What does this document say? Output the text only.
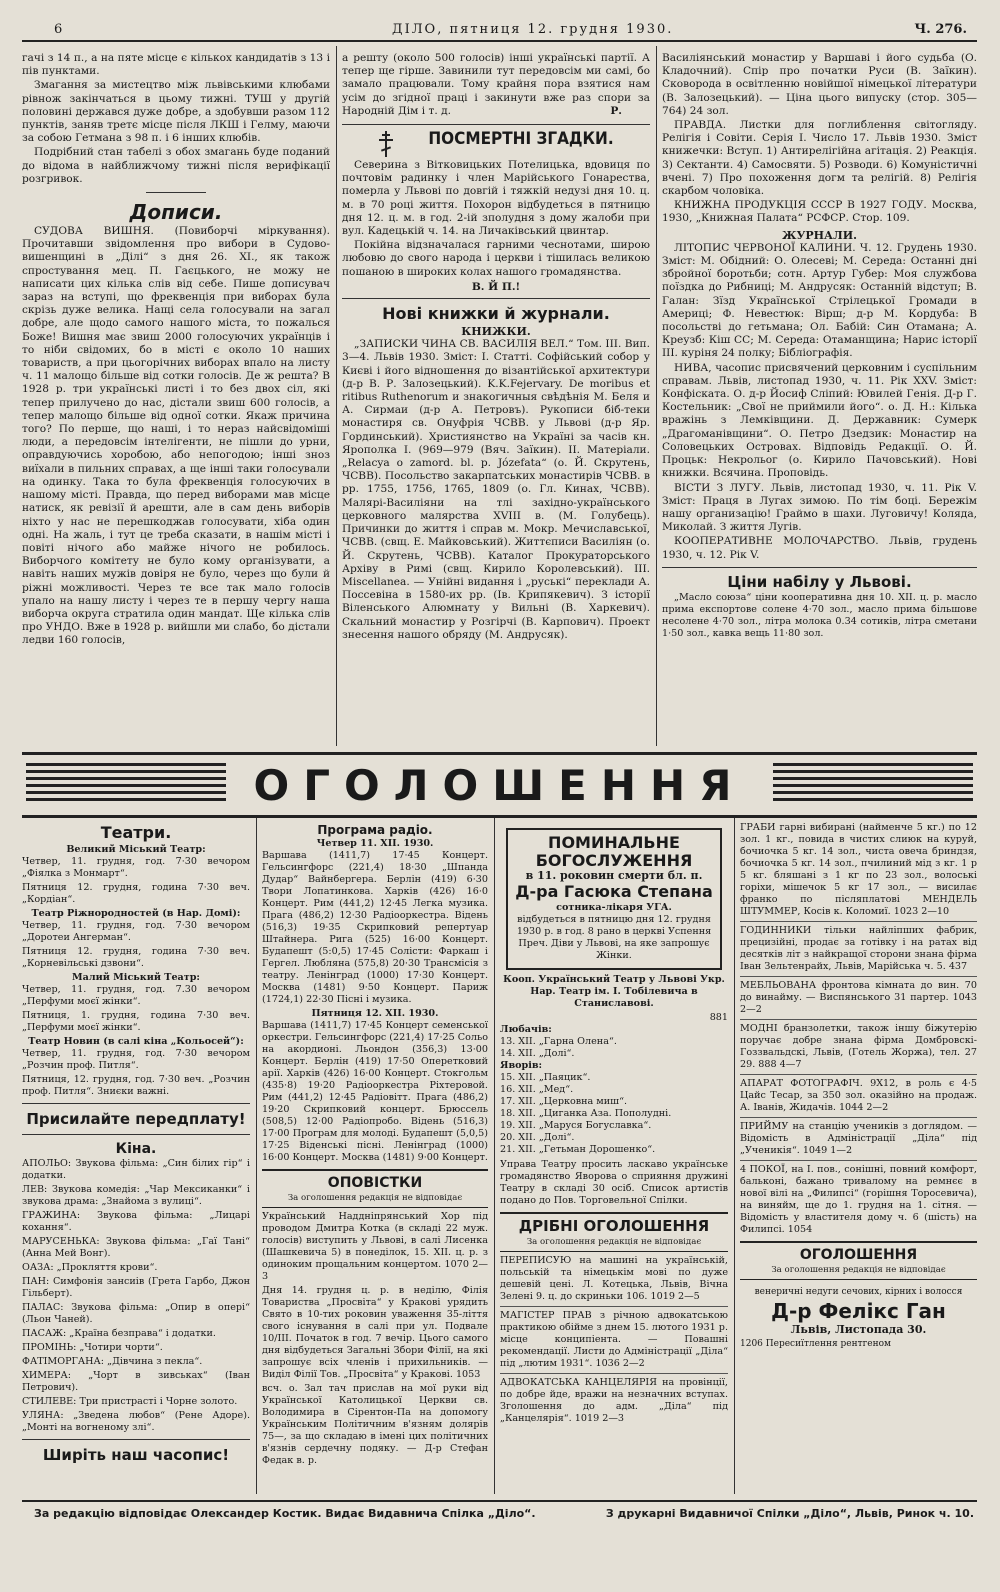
6	ДІЛО, пятниця 12. грудня 1930.	Ч. 276.

гачі з 14 п., а на пяте місце є кількох кандидатів з 13 і пів пунктами.

Змагання за мистецтво між львівськими клюбами рівнож закінчаться в цьому тижні. ТУШ у другій половині держався дуже добре, а здобувши разом 112 пунктів, заняв третє місце після ЛКШ і Гелму, маючи за собою Гетмана з 98 п. і 6 інших клюбів.

Подрібний стан табелі з обох змагань буде поданий до відома в найближчому тижні після верифікації розгривок.

Дописи.

СУДОВА ВИШНЯ. (Повиборчі міркування). Прочитавши звідомлення про вибори в Судово-вишенщині в „Ділі“ з дня 26. XI., як також спростування мец. П. Гаєцького, не можу не написати цих кілька слів від себе. Пише дописувач зараз на вступі, що фреквенція при виборах була скрізь дуже велика. Нащі села голосували на загал добре, але щодо самого нашого міста, то пожалься Боже! Вишня має звиш 2000 голосуючих українців і то ніби свідомих, бо в місті є около 10 наших товариств, а при цьогорічних виборах впало на листу ч. 11 малощо більше від сотки голосів. Де ж решта? В 1928 р. три українські листі і то без двох сіл, які тепер прилучено до нас, дістали звиш 600 голосів, а тепер малощо більше від одної сотки. Якаж причина того? По перше, що наші, і то нераз найсвідоміші люди, а передовсім інтелігенти, не пішли до урни, оправдуючись хоробою, або непогодою; інші зноз виїхали в пильних справах, а ще інші таки голосували на одинку. Така то була фреквенція голосуючих в нашому місті. Правда, що перед виборами мав місце натиск, як ревізії й арешти, але в сам день виборів ніхто у нас не перешкоджав голосувати, хіба один одні. На жаль, і тут це треба сказати, в нашім місті і повіті нічого або майже нічого не робилось. Виборчого комітету не було кому організувати, а навіть наших мужів довіря не було, через що були й ріжні можливості. Через те все так мало голосів упало на нашу листу і через те в першу чергу наша виборча округа стратила один мандат. Ще кілька слів про УНДО. Вже в 1928 р. вийшли ми слабо, бо дістали ледви 160 голосів,

а решту (около 500 голосів) інші українські партії. А тепер ще гірше. Завинили тут передовсім ми самі, бо замало працювали. Тому крайня пора взятися нам усім до згідної праці і закинути вже раз спори за Народній Дім і т. д.	Р.

ПОСМЕРТНІ ЗГАДКИ.

Северина з Вітковицьких Потелицька, вдовиця по почтовім радинку і член Марійського Гонарества, померла у Львові по довгій і тяжкій недузі дня 10. ц. м. в 70 році життя. Похорон відбудеться в пятницю дня 12. ц. м. в год. 2-ій зполудня з дому жалоби при вул. Кадецькій ч. 14. на Личаківський цвинтар.

Покійна відзначалася гарними чеснотами, широю любовю до свого народа і церкви і тішилась великою пошаною в широких колах нашого громадянства.

В. Й П.!
Нові книжки й журнали.
КНИЖКИ.

„ЗАПИСКИ ЧИНА СВ. ВАСИЛІЯ ВЕЛ.“ Том. III. Вип. 3—4. Львів 1930. Зміст: I. Статті. Софійський собор у Києві і його відношення до візантійської архитектури (д-р В. Р. Залозецький). K.K.Fejervary. De moribus et ritibus Ruthenorum и знакогичныя свѣдѣнія М. Беля и А. Сирмаи (д-р А. Петровъ). Рукописи біб-теки монастиря св. Онуфрія ЧСВВ. у Львові (д-р Яр. Гординський). Християнство на Україні за часів кн. Ярополка I. (969—979 (Вяч. Заїкин). II. Матеріали. „Relacya o zamord. bl. p. Józefata“ (о. Й. Скрутень, ЧСВВ). Посольство закарпатських монастирів ЧСВВ. в рр. 1755, 1756, 1765, 1809 (о. Гл. Кинах, ЧСВВ). Малярі-Василіяни на тлі західно-українського церковного малярства XVIII в. (М. Голубець). Причинки до життя і справ м. Мокр. Мечиславської, ЧСВВ. (свщ. Е. Майковський). Життєписи Василіян (о. Й. Скрутень, ЧСВВ). Каталог Прокураторського Архіву в Римі (свщ. Кирило Королевський). III. Miscellanea. — Унійні видання і „руські“ переклади А. Поссевіна в 1580-их рр. (Ів. Крипякевич). З історії Віленського Алюмнату у Вильні (В. Харкевич). Скальний монастир у Розгірчі (В. Карпович). Проект знесення нашого обряду (М. Андрусяк).

Василіянський монастир у Варшаві і його судьба (О. Кладочний). Спір про початки Руси (В. Заїкин). Сковорода в освітленню новійшої німецької літератури (В. Залозецький). — Ціна цього випуску (стор. 305—764) 24 зол.

ПРАВДА. Листки для поглиблення світогляду. Релігія і Совіти. Серія I. Число 17. Львів 1930. Зміст книжечки: Вступ. 1) Антирелігійна агітація. 2) Реакція. 3) Сектанти. 4) Самосвяти. 5) Розводи. 6) Комуністичні вчені. 7) Про похоження догм та релігій. 8) Релігія скарбом чоловіка.

КНИЖНА ПРОДУКЦІЯ СССР В 1927 ГОДУ. Москва, 1930, „Книжная Палата“ РСФСР. Стор. 109.

ЖУРНАЛИ.

ЛІТОПИС ЧЕРВОНОЇ КАЛИНИ. Ч. 12. Грудень 1930. Зміст: М. Обідний: О. Олесеві; М. Середа: Останні дні збройної боротьби; сотн. Артур Губер: Моя службова поїздка до Рибниці; М. Андрусяк: Останній відступ; В. Галан: Зїзд Українcької Стрілецької Громади в Америці; Ф. Невестюк: Вірш; д-р М. Кордуба: В посольстві до гетьмана; Ол. Бабій: Син Отамана; А. Креузб: Кіш СС; М. Середа: Отаманщина; Нарис історії III. куріня 24 полку; Бібліографія.

НИВА, часопис присвячений церковним і суспільним справам. Львів, листопад 1930, ч. 11. Рік XXV. Зміст: Конфіската. О. д-р Йосиф Сліпий: Ювилей Генія. Д-р Г. Костельник: „Свої не приймили його“. о. Д. Н.: Кілька вражінь з Лемківщини. Д. Державник: Сумерк „Драгоманівщини“. О. Петро Дзедзик: Монастир на Соловецьких Островах. Відповідь Редакції. О. Й. Процьк: Некрольог (о. Кирило Пачовський). Нові книжки. Всячина. Проповідь.

ВІСТИ З ЛУГУ. Львів, листопад 1930, ч. 11. Рік V. Зміст: Праця в Лугах зимою. По тім боці. Бережім нашу организацію! Граймо в шахи. Луговичу! Коляда, Миколай. З життя Лугів.

КООПЕРАТИВНЕ МОЛОЧАРСТВО. Львів, грудень 1930, ч. 12. Рік V.

Ціни набілу у Львові.

„Масло союза“ ціни кооперативна дня 10. XII. ц. р. масло прима експортове солене 4·70 зол., масло прима більшове несолене 4·70 зол., літра молока 0.34 сотиків, літра сметани 1·50 зол., кавка вещь 11·80 зол.

ОГОЛОШЕННЯ
Театри.
Великий Міський Театр:

Четвер, 11. грудня, год. 7·30 вечором „Фіялка з Монмарт“.

Пятниця 12. грудня, година 7·30 веч. „Кордіан“.

Театр Ріжнородностей (в Нар. Домі):

Четвер, 11. грудня, год. 7·30 вечором „Доротеи Ангерман“.

Пятниця 12. грудня, година 7·30 веч. „Корневільські дзвони“.

Малий Міський Театр:

Четвер, 11. грудня, год. 7.30 вечором „Перфуми моєї жінки“.

Пятниця, 1. грудня, година 7·30 веч. „Перфуми моєї жінки“.

Театр Новин (в салі кіна „Кольосей“):

Четвер, 11. грудня, год. 7·30 вечором „Розчин проф. Питля“.

Пятниця, 12. грудня, год. 7·30 веч. „Розчин проф. Питля“. Зниєки важні.

Присилайте передплату!
Кіна.

АПОЛЬО: Звукова фільма: „Син білих гір“ і додатки.

ЛЕВ: Звукова комедія: „Чар Мексиканки“ і звукова драма: „Знайома з вулиці“.

ГРАЖИНА: Звукова фільма: „Лицарі кохання“.

МАРУСЕНЬКА: Звукова фільма: „Гаї Тані“ (Анна Мей Вонг).

ОАЗА: „Прокляття крови“.

ПАН: Симфонія зансиів (Грета Гарбо, Джон Гільберт).

ПАЛАС: Звукова фільма: „Опир в опері“ (Льон Чаней).

ПАСАЖ: „Країна безправа“ і додатки.

ПРОМІНЬ: „Чотири чорти“.

ФАТІМОРГАНА: „Дівчина з пекла“.

ХИМЕРА: „Чорт в зивськах“ (Іван Петрович).

СТИЛЕВЕ: Три пристрасті і Чорне золото.

УЛЯНА: „Зведена любов“ (Рене Адоре). „Монті на вогненому злі“.

Ширіть наш часопис!
Програма радіо.
Четвер 11. XII. 1930.

Варшава (1411,7) 17·45 Концерт. Гельсингфорс (221,4) 18·30 „Шпанда Дудар“ Вайнбергера. Берлін (419) 6·30 Твори Лопатинкова. Харків (426) 16·0 Концерт. Рим (441,2) 12·45 Легка музика. Прага (486,2) 12·30 Радіооркестра. Відень (516,3) 19·35 Скрипковий репертуар Штайнера. Рига (525) 16·00 Концерт. Будапешт (5:0,5) 17·45 Солісти: Фаркаш і Гергел. Люблянa (575,8) 20·30 Трансмісія з театру. Ленінград (1000) 17·30 Концерт. Москва (1481) 9·50 Концерт. Париж (1724,1) 22·30 Пісні і музика.

Пятниця 12. XII. 1930.

Варшава (1411,7) 17·45 Концерт семенської оркестри. Гельсингфорс (221,4) 17·25 Сольо на акордионі. Льондон (356,3) 13·00 Концерт. Берлін (419) 17·50 Оперетковий арії. Харків (426) 16·00 Концерт. Стокгольм (435·8) 19·20 Радіооркестра Ріхтеровой. Рим (441,2) 12·45 Радіовітт. Прага (486,2) 19·20 Скрипковий концерт. Брюссель (508,5) 12·00 Радіопробо. Відень (516,3) 17·00 Програм для молоді. Будапешт (5,0,5) 17·25 Віденські пісні. Ленінград (1000) 16·00 Концерт. Москва (1481) 9·00 Концерт.

ОПОВІСТКИ
За оголошення редакція не відповідає

Український Наддніпрянський Хор під проводом Дмитра Котка (в складі 22 муж. голосів) виступить у Львові, в салі Лисенка (Шашкевича 5) в понеділок, 15. XII. ц. р. з одиноким прощальним концертом. 1070 2—3

Дня 14. грудня ц. р. в неділю, Філія Товариства „Просвіта“ у Кракові урядить Свято в 10-тих роковин уваження 35-ліття свого існування в салі при ул. Подвале 10/III. Початок в год. 7 вечір. Цього самого дня відбудеться Загальні Збори Філії, на які запрошує всіх членів і прихильників. — Виділ Філії Тов. „Просвіта“ у Кракові. 1053

всч. о. Зал тач прислав на мої руки від Української Католицької Церкви св. Володимира в Сірентон-Па на допомогу Українським Політичним в'язням долярів 75—, за що складаю в імені цих політичних в'язнів сердечну подяку. — Д-р Стефан Федак в. р.

ПОМИНАЛЬНЕ
БОГОСЛУЖЕННЯ
в 11. роковин смерти бл. п.
Д-ра Гасюка Степана
сотника-лікаря УГА.

відбудеться в пятницю дня 12. грудня 1930 р. в год. 8 рано в церкві Успення Преч. Діви у Львові, на яке запрошує Жінки.

Кооп. Український Театр у Львові Укр. Нар. Театр ім. І. Тобілевича в Станиславові.

881
Любачів:
13. XII. „Гарна Олена“.
14. XII. „Долі“.
Яворів:
15. XII. „Паяцик“.
16. XII. „Мед“.
17. XII. „Церковна миш“.
18. XII. „Циганка Аза. Пополудні.
19. XII. „Маруся Богуславка“.
20. XII. „Долі“.
21. XII. „Гетьман Дорошенко“.

Управа Театру просить ласкаво українське громадянство Яворова о сприяння дружині Театру в складі 30 осіб. Список артистів подано до Пов. Торговельної Спілки.

ДРІБНІ ОГОЛОШЕННЯ
За оголошення редакція не відповідає

ПЕРЕПИСУЮ на машині на українській, польській та німецькім мові по дуже дешевій цені. Л. Котецька, Львів, Вічна Зелені 9. ц. до скриньки 106. 1019 2—5

МАГІСТЕР ПРАВ з річною адвокатською практикою обійме з днем 15. лютого 1931 р. місце конципіента. — Повашні рекомендації. Листи до Адміністрації „Діла“ під „лютим 1931“. 1036 2—2

АДВОКАТСЬКА КАНЦЕЛЯРІЯ на провінції, по добре йде, вражи на незначних вступах. Зголошення до адм. „Діла“ під „Канцелярія“. 1019 2—3

ГРАБИ гарні вибирані (найменче 5 кг.) по 12 зол. 1 кг., повида в чистих слиюк на куруй, бочиочка 5 кг. 14 зол., чиста овеча бриндзя, бочиочка 5 кг. 14 зол., пчилиний мід з кг. 1 р 5 кг. бляшані з 1 кг по 23 зол., волоські горіхи, мішечок 5 кг 17 зол., — висилає франко по післяплатові МЕНДЕЛЬ ШТУММЕР, Косів к. Коломиї. 1023 2—10

ГОДИННИКИ тільки найліпших фабрик, прецизійні, продає за готівку і на ратах від десятків літ з найкращої сторони знана фірма Іван Зельтенрайх, Львів, Марійська ч. 5. 437

МЕБЛЬОВАНА фронтова кімната до вин. 70 до винайму. — Виспянського 31 партер. 1043 2—2

МОДНІ бранзолетки, також іншу біжутерію поручає добре знана фірма Домбровскі-Гоззвальдскі, Львів, (Готель Жоржа), тел. 27 29. 888 4—7

АПАРАТ ФОТОГРАФІЧ. 9X12, в роль є 4·5 Цайс Тесар, за 350 зол. оказійно на продаж. А. Іванів, Жидачів. 1044 2—2

ПРИЙМУ на станцію учеників з доглядом. — Вiдомість в Адміністрації „Діла“ під „Ученикія“. 1049 1—2

4 ПОКОЇ, на I. пов., сонішні, повний комфорт, бальконі, бажано тривалому на ремнєє в нової вілі на „Филипсі“ (горішня Торосевича), на виняйм, ще до 1. грудня на 1. сітня. — Відомість у властителя дому ч. 6 (шість) на Филипсі. 1054

ОГОЛОШЕННЯ
За оголошення редакція не відповідає
венеричні недуги сечових, кірних і волосся
Д-р Фелікс Ган
Львів, Листопада 30.
1206 Пересиїтлення рентгеном
За редакцію відповідає Олександер Костик. Видає Видавнича Спілка „Діло“.	З друкарні Видавничої Спілки „Діло“, Львів, Ринок ч. 10.
